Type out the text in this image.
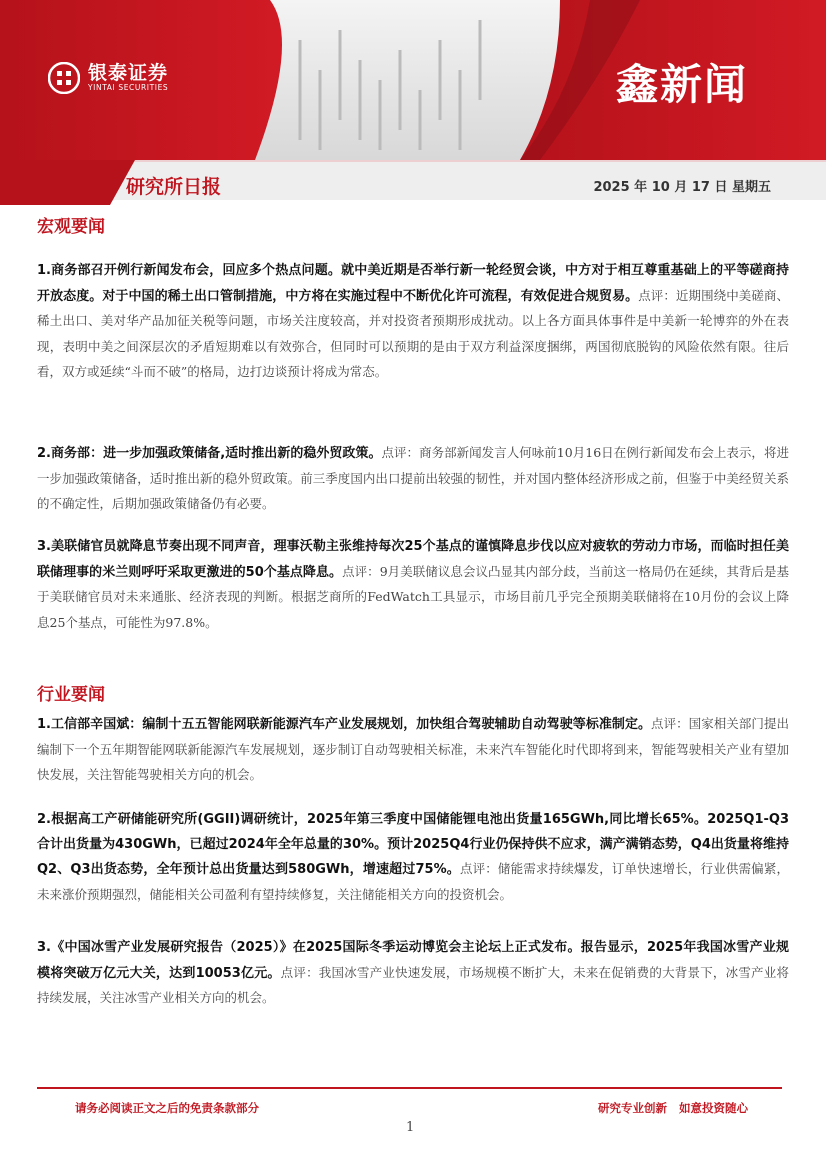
银泰证券
YINTAI SECURITIES	鑫新闻
研究所日报	2025 年 10 月 17 日 星期五
宏观要闻
1.商务部召开例行新闻发布会，回应多个热点问题。就中美近期是否举行新一轮经贸会谈，中方对于相互尊重基础上的平等磋商持开放态度。对于中国的稀土出口管制措施，中方将在实施过程中不断优化许可流程，有效促进合规贸易。点评：近期围绕中美磋商、稀土出口、美对华产品加征关税等问题，市场关注度较高，并对投资者预期形成扰动。以上各方面具体事件是中美新一轮博弈的外在表现，表明中美之间深层次的矛盾短期难以有效弥合，但同时可以预期的是由于双方利益深度捆绑，两国彻底脱钩的风险依然有限。往后看，双方或延续“斗而不破”的格局，边打边谈预计将成为常态。
2.商务部：进一步加强政策储备,适时推出新的稳外贸政策。点评：商务部新闻发言人何咏前10月16日在例行新闻发布会上表示，将进一步加强政策储备，适时推出新的稳外贸政策。前三季度国内出口提前出较强的韧性，并对国内整体经济形成之前，但鉴于中美经贸关系的不确定性，后期加强政策储备仍有必要。
3.美联储官员就降息节奏出现不同声音，理事沃勒主张维持每次25个基点的谨慎降息步伐以应对疲软的劳动力市场，而临时担任美联储理事的米兰则呼吁采取更激进的50个基点降息。点评：9月美联储议息会议凸显其内部分歧，当前这一格局仍在延续，其背后是基于美联储官员对未来通胀、经济表现的判断。根据芝商所的FedWatch工具显示，市场目前几乎完全预期美联储将在10月份的会议上降息25个基点，可能性为97.8%。
行业要闻
1.工信部辛国斌：编制十五五智能网联新能源汽车产业发展规划，加快组合驾驶辅助自动驾驶等标准制定。点评：国家相关部门提出编制下一个五年期智能网联新能源汽车发展规划，逐步制订自动驾驶相关标准，未来汽车智能化时代即将到来，智能驾驶相关产业有望加快发展，关注智能驾驶相关方向的机会。
2.根据高工产研储能研究所(GGII)调研统计，2025年第三季度中国储能锂电池出货量165GWh,同比增长65%。2025Q1-Q3合计出货量为430GWh，已超过2024年全年总量的30%。预计2025Q4行业仍保持供不应求，满产满销态势，Q4出货量将维持Q2、Q3出货态势，全年预计总出货量达到580GWh，增速超过75%。点评：储能需求持续爆发，订单快速增长，行业供需偏紧，未来涨价预期强烈，储能相关公司盈利有望持续修复，关注储能相关方向的投资机会。
3.《中国冰雪产业发展研究报告（2025）》在2025国际冬季运动博览会主论坛上正式发布。报告显示，2025年我国冰雪产业规模将突破万亿元大关，达到10053亿元。点评：我国冰雪产业快速发展，市场规模不断扩大，未来在促销费的大背景下，冰雪产业将持续发展，关注冰雪产业相关方向的机会。
请务必阅读正文之后的免责条款部分	研究专业创新   如意投资随心
1
